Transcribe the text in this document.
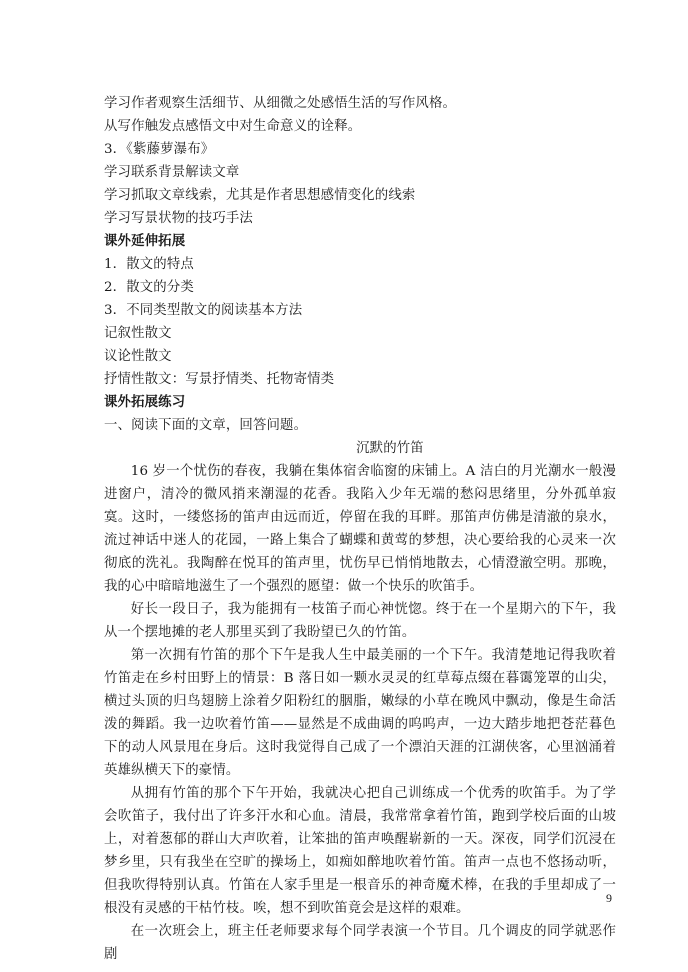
学习作者观察生活细节、从细微之处感悟生活的写作风格。
从写作触发点感悟文中对生命意义的诠释。
3．《紫藤萝瀑布》
学习联系背景解读文章
学习抓取文章线索，尤其是作者思想感情变化的线索
学习写景状物的技巧手法
课外延伸拓展
1．散文的特点
2．散文的分类
3．不同类型散文的阅读基本方法
记叙性散文
议论性散文
抒情性散文：写景抒情类、托物寄情类
课外拓展练习
一、阅读下面的文章，回答问题。
沉默的竹笛

16 岁一个忧伤的春夜，我躺在集体宿舍临窗的床铺上。A 洁白的月光潮水一般漫进窗户，清冷的微风捎来潮湿的花香。我陷入少年无端的愁闷思绪里，分外孤单寂寞。这时，一缕悠扬的笛声由远而近，停留在我的耳畔。那笛声仿佛是清澈的泉水，流过神话中迷人的花园，一路上集合了蝴蝶和黄莺的梦想，决心要给我的心灵来一次彻底的洗礼。我陶醉在悦耳的笛声里，忧伤早已悄悄地散去，心情澄澈空明。那晚，我的心中暗暗地滋生了一个强烈的愿望：做一个快乐的吹笛手。

好长一段日子，我为能拥有一枝笛子而心神恍惚。终于在一个星期六的下午，我从一个摆地摊的老人那里买到了我盼望已久的竹笛。

第一次拥有竹笛的那个下午是我人生中最美丽的一个下午。我清楚地记得我吹着竹笛走在乡村田野上的情景：B 落日如一颗水灵灵的红草莓点缀在暮霭笼罩的山尖，横过头顶的归鸟翅膀上涂着夕阳粉红的胭脂，嫩绿的小草在晚风中飘动，像是生命活泼的舞蹈。我一边吹着竹笛——显然是不成曲调的呜呜声，一边大踏步地把苍茫暮色下的动人风景甩在身后。这时我觉得自己成了一个漂泊天涯的江湖侠客，心里汹涌着英雄纵横天下的豪情。

从拥有竹笛的那个下午开始，我就决心把自己训练成一个优秀的吹笛手。为了学会吹笛子，我付出了许多汗水和心血。清晨，我常常拿着竹笛，跑到学校后面的山坡上，对着葱郁的群山大声吹着，让笨拙的笛声唤醒崭新的一天。深夜，同学们沉浸在梦乡里，只有我坐在空旷的操场上，如痴如醉地吹着竹笛。笛声一点也不悠扬动听，但我吹得特别认真。竹笛在人家手里是一根音乐的神奇魔术棒，在我的手里却成了一根没有灵感的干枯竹枝。唉，想不到吹笛竟会是这样的艰难。

在一次班会上，班主任老师要求每个同学表演一个节目。几个调皮的同学就恶作剧

9
